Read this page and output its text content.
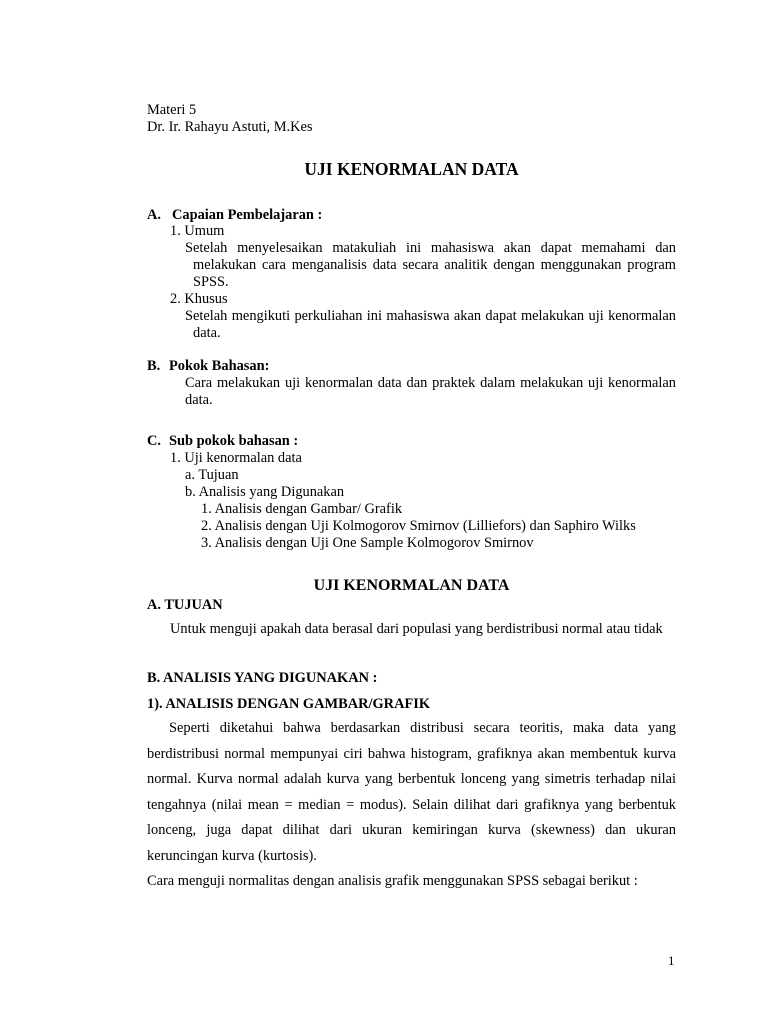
Materi 5
Dr. Ir. Rahayu Astuti, M.Kes
UJI KENORMALAN DATA
A. Capaian Pembelajaran :
1. Umum
Setelah menyelesaikan matakuliah ini mahasiswa akan dapat memahami dan melakukan cara menganalisis data secara analitik dengan menggunakan program SPSS.
2. Khusus
Setelah mengikuti perkuliahan ini mahasiswa akan dapat melakukan uji kenormalan data.
B. Pokok Bahasan:
Cara melakukan uji kenormalan data dan praktek dalam melakukan uji kenormalan data.
C. Sub pokok bahasan :
1. Uji kenormalan data
a. Tujuan
b. Analisis yang Digunakan
1. Analisis dengan Gambar/ Grafik
2. Analisis dengan Uji Kolmogorov Smirnov (Lilliefors) dan Saphiro Wilks
3. Analisis dengan Uji One Sample Kolmogorov Smirnov
UJI KENORMALAN DATA
A. TUJUAN
Untuk menguji apakah data berasal dari populasi yang berdistribusi normal atau tidak
B. ANALISIS YANG DIGUNAKAN :
1). ANALISIS DENGAN GAMBAR/GRAFIK
Seperti diketahui bahwa berdasarkan distribusi secara teoritis, maka data yang berdistribusi normal mempunyai ciri bahwa histogram, grafiknya akan membentuk kurva normal. Kurva normal adalah kurva yang berbentuk lonceng yang simetris terhadap nilai tengahnya (nilai mean = median = modus). Selain dilihat dari grafiknya yang berbentuk lonceng, juga dapat dilihat dari ukuran kemiringan kurva (skewness) dan ukuran keruncingan kurva (kurtosis).
Cara menguji normalitas dengan analisis grafik menggunakan SPSS sebagai berikut :
1
